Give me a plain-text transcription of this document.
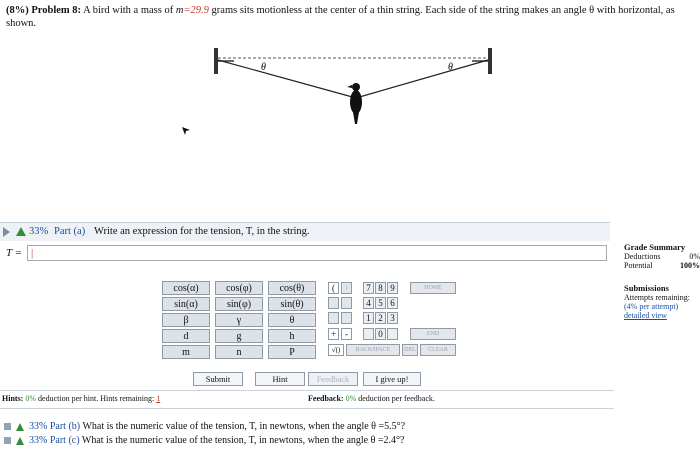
(8%) Problem 8: A bird with a mass of m=29.9 grams sits motionless at the center of a thin string. Each side of the string makes an angle θ with horizontal, as shown.
θ	θ
33% Part (a) Write an expression for the tension, T, in the string.
T = |	Grade Summary
Deductions	0%
Potential	100%
Submissions
Attempts remaining:
(4% per attempt)
detailed view
cos(α)	cos(φ)	cos(θ)
sin(α)	sin(φ)	sin(θ)
β	γ	θ
d	g	h
m	n	P
(	)
+ -
√()
7 8 9
4 5 6
1 2 3
0
HOME
END
BACKSPACE	DEL	CLEAR
Submit	Hint	Feedback	I give up!
Hints: 0% deduction per hint. Hints remaining: 1	Feedback: 0% deduction per feedback.
33% Part (b) What is the numeric value of the tension, T, in newtons, when the angle θ =5.5°?
33% Part (c) What is the numeric value of the tension, T, in newtons, when the angle θ =2.4°?
